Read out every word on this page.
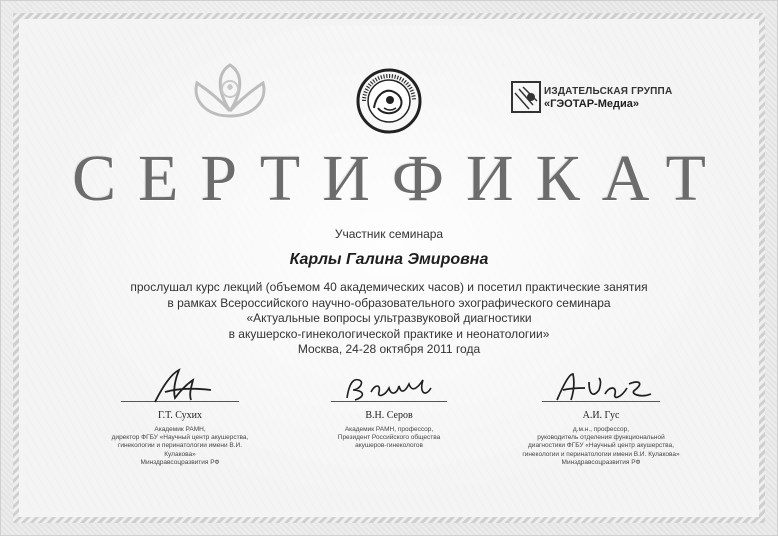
ИЗДАТЕЛЬСКАЯ ГРУППА
«ГЭОТАР-Медиа»
СЕРТИФИКАТ
Участник семинара
Карлы Галина Эмировна
прослушал курс лекций (объемом 40 академических часов) и посетил практические занятия
в рамках Всероссийского научно-образовательного эхографического семинара
«Актуальные вопросы ультразвуковой диагностики
в акушерско-гинекологической практике и неонатологии»
Москва, 24-28 октября 2011 года
Г.Т. Сухих
Академик РАМН,
директор ФГБУ «Научный центр акушерства,
гинекологии и перинатологии имени В.И. Кулакова»
Минздравсоцразвития РФ
В.Н. Серов
Академик РАМН, профессор,
Президент Российского общества
акушеров-гинекологов
А.И. Гус
д.м.н., профессор,
руководитель отделения функциональной
диагностики ФГБУ «Научный центр акушерства,
гинекологии и перинатологии имени В.И. Кулакова»
Минздравсоцразвития РФ
